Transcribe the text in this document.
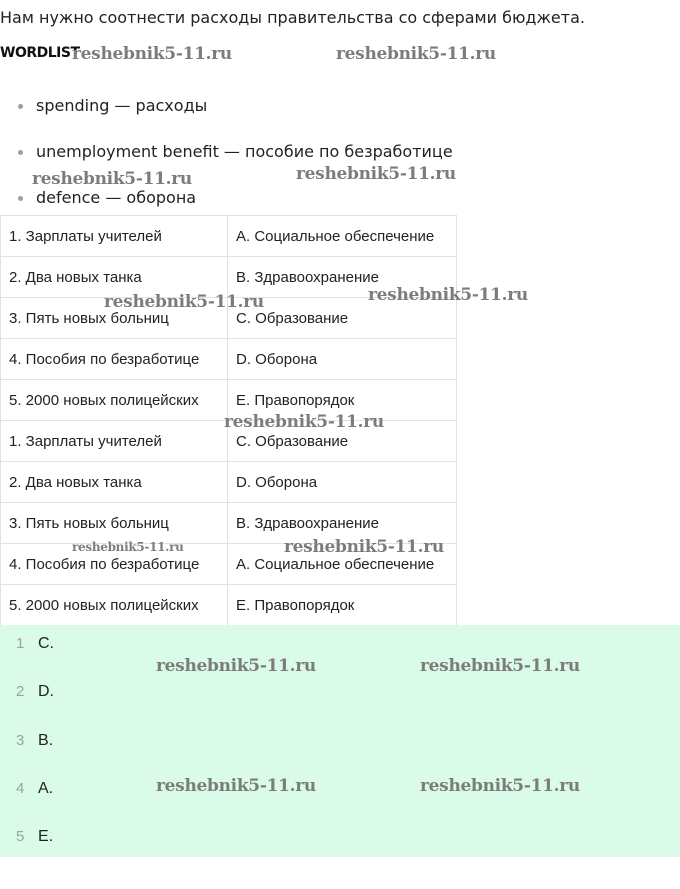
Нам нужно соотнести расходы правительства со сферами бюджета.
WORDLIST
spending — расходы
unemployment benefit — пособие по безработице
defence — оборона
1. Зарплаты учителей	A. Социальное обеспечение
2. Два новых танка	B. Здравоохранение
3. Пять новых больниц	C. Образование
4. Пособия по безработице	D. Оборона
5. 2000 новых полицейских	E. Правопорядок
1. Зарплаты учителей	C. Образование
2. Два новых танка	D. Оборона
3. Пять новых больниц	B. Здравоохранение
4. Пособия по безработице	A. Социальное обеспечение
5. 2000 новых полицейских	E. Правопорядок
1 C.
2 D.
3 B.
4 A.
5 E.
reshebnik5-11.ru	reshebnik5-11.ru
reshebnik5-11.ru	reshebnik5-11.ru
reshebnik5-11.ru	reshebnik5-11.ru
reshebnik5-11.ru
reshebnik5-11.ru	reshebnik5-11.ru
reshebnik5-11.ru	reshebnik5-11.ru
reshebnik5-11.ru	reshebnik5-11.ru
